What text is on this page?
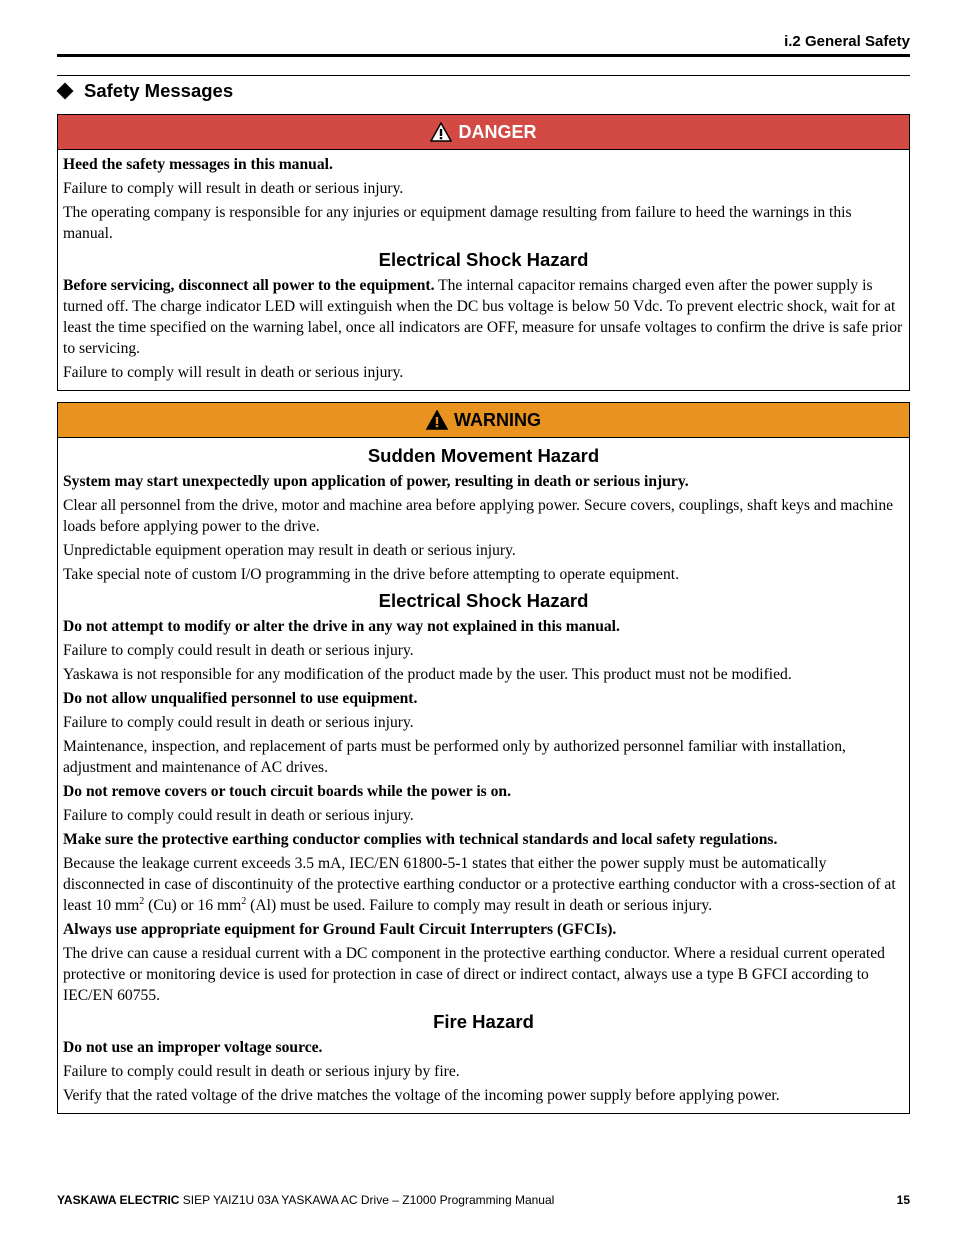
i.2 General Safety
Safety Messages
DANGER

Heed the safety messages in this manual.

Failure to comply will result in death or serious injury.

The operating company is responsible for any injuries or equipment damage resulting from failure to heed the warnings in this manual.

Electrical Shock Hazard

Before servicing, disconnect all power to the equipment. The internal capacitor remains charged even after the power supply is turned off. The charge indicator LED will extinguish when the DC bus voltage is below 50 Vdc. To prevent electric shock, wait for at least the time specified on the warning label, once all indicators are OFF, measure for unsafe voltages to confirm the drive is safe prior to servicing.

Failure to comply will result in death or serious injury.

WARNING
Sudden Movement Hazard

System may start unexpectedly upon application of power, resulting in death or serious injury.

Clear all personnel from the drive, motor and machine area before applying power. Secure covers, couplings, shaft keys and machine loads before applying power to the drive.

Unpredictable equipment operation may result in death or serious injury.

Take special note of custom I/O programming in the drive before attempting to operate equipment.

Electrical Shock Hazard

Do not attempt to modify or alter the drive in any way not explained in this manual.

Failure to comply could result in death or serious injury.

Yaskawa is not responsible for any modification of the product made by the user. This product must not be modified.

Do not allow unqualified personnel to use equipment.

Failure to comply could result in death or serious injury.

Maintenance, inspection, and replacement of parts must be performed only by authorized personnel familiar with installation, adjustment and maintenance of AC drives.

Do not remove covers or touch circuit boards while the power is on.

Failure to comply could result in death or serious injury.

Make sure the protective earthing conductor complies with technical standards and local safety regulations.

Because the leakage current exceeds 3.5 mA, IEC/EN 61800-5-1 states that either the power supply must be automatically disconnected in case of discontinuity of the protective earthing conductor or a protective earthing conductor with a cross-section of at least 10 $mm^2$ (Cu) or 16 $mm^2$ (Al) must be used. Failure to comply may result in death or serious injury.

Always use appropriate equipment for Ground Fault Circuit Interrupters (GFCIs).

The drive can cause a residual current with a DC component in the protective earthing conductor. Where a residual current operated protective or monitoring device is used for protection in case of direct or indirect contact, always use a type B GFCI according to IEC/EN 60755.

Fire Hazard

Do not use an improper voltage source.

Failure to comply could result in death or serious injury by fire.

Verify that the rated voltage of the drive matches the voltage of the incoming power supply before applying power.

YASKAWA ELECTRIC SIEP YAIZ1U 03A YASKAWA AC Drive – Z1000 Programming Manual	15
